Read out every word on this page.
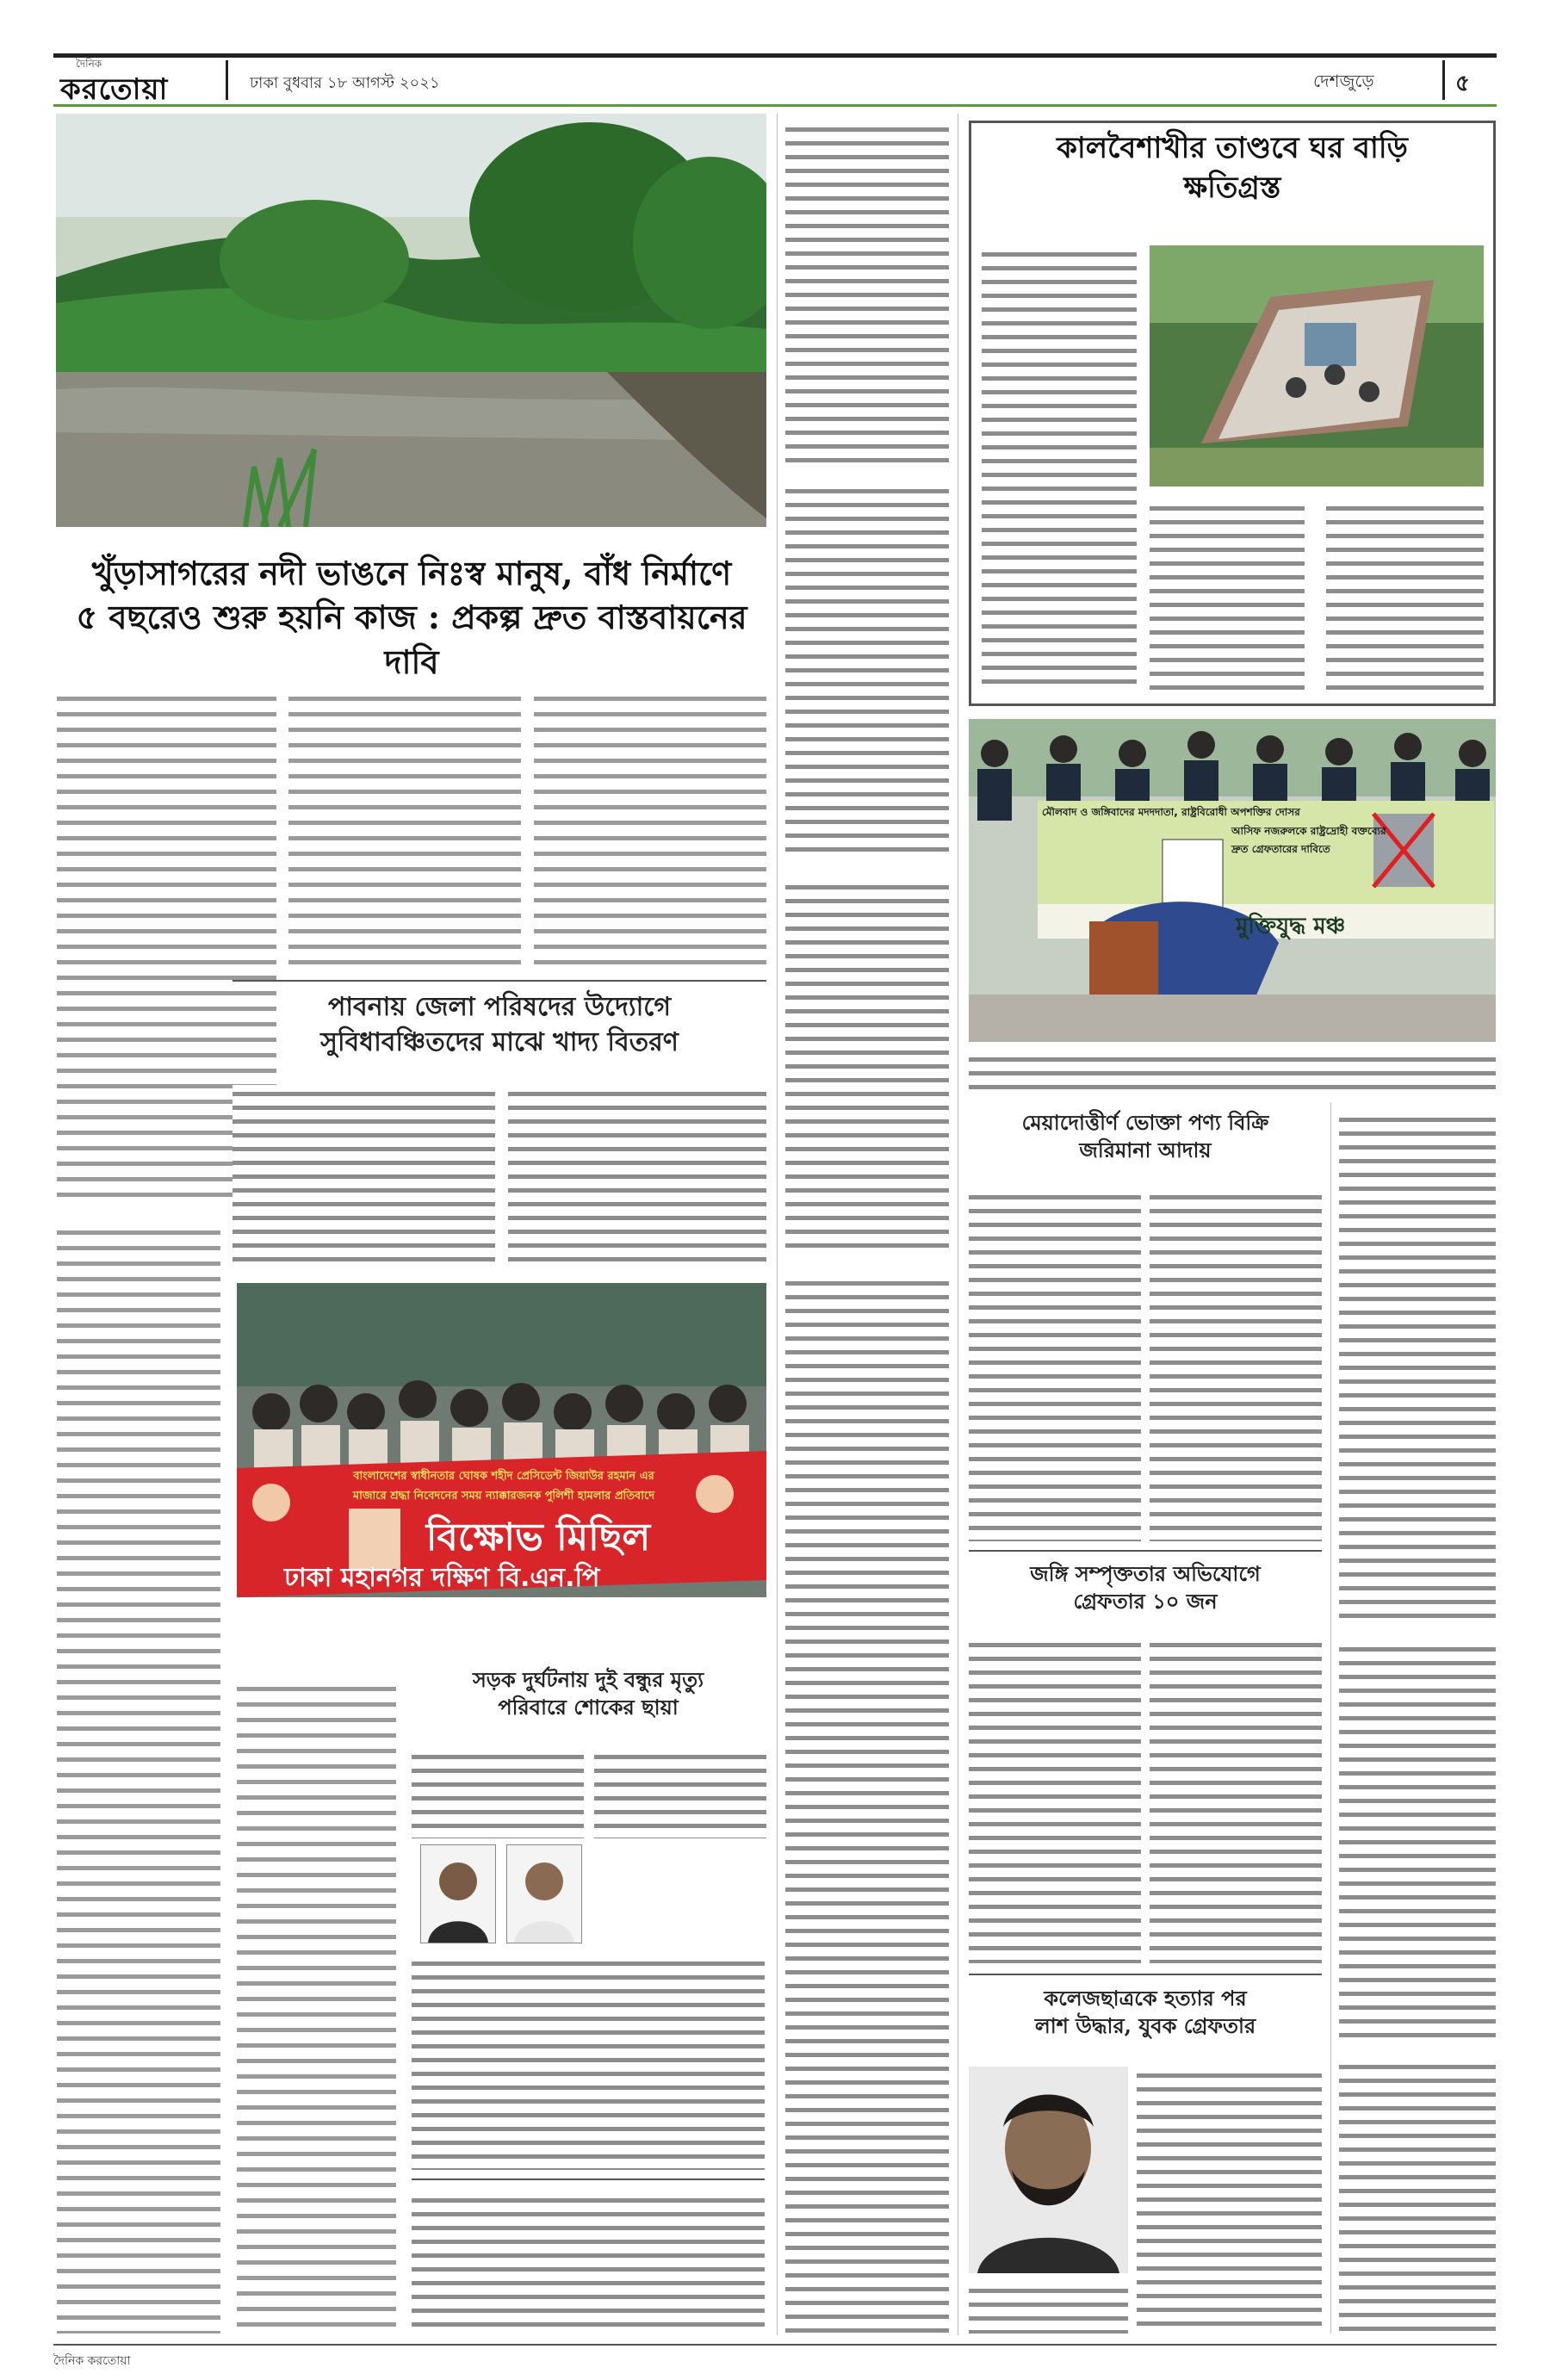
দৈনিক
করতোয়া	ঢাকা বুধবার ১৮ আগস্ট ২০২১	দেশজুড়ে	৫
খুঁড়াসাগরের নদী ভাঙনে নিঃস্ব মানুষ, বাঁধ নির্মাণে
৫ বছরেও শুরু হয়নি কাজ : প্রকল্প দ্রুত বাস্তবায়নের দাবি
পাবনায় জেলা পরিষদের উদ্যোগে
সুবিধাবঞ্চিতদের মাঝে খাদ্য বিতরণ
বাংলাদেশের স্বাধীনতার ঘোষক শহীদ প্রেসিডেন্ট জিয়াউর রহমান এর
মাজারে শ্রদ্ধা নিবেদনের সময় ন্যাক্কারজনক পুলিশী হামলার প্রতিবাদে
বিক্ষোভ মিছিল
ঢাকা মহানগর দক্ষিণ বি.এন.পি
সড়ক দুর্ঘটনায় দুই বন্ধুর মৃত্যু
পরিবারে শোকের ছায়া
কালবৈশাখীর তাণ্ডবে ঘর বাড়ি
ক্ষতিগ্রস্ত
মৌলবাদ ও জঙ্গিবাদের মদদদাতা, রাষ্ট্রবিরোধী অপশক্তির দোসর
আসিফ নজরুলকে রাষ্ট্রদ্রোহী বক্তব্যের
দ্রুত গ্রেফতারের দাবিতে
মুক্তিযুদ্ধ মঞ্চ
মেয়াদোত্তীর্ণ ভোক্তা পণ্য বিক্রি
জরিমানা আদায়
জঙ্গি সম্পৃক্ততার অভিযোগে
গ্রেফতার ১০ জন
কলেজছাত্রকে হত্যার পর
লাশ উদ্ধার, যুবক গ্রেফতার
দৈনিক করতোয়া
